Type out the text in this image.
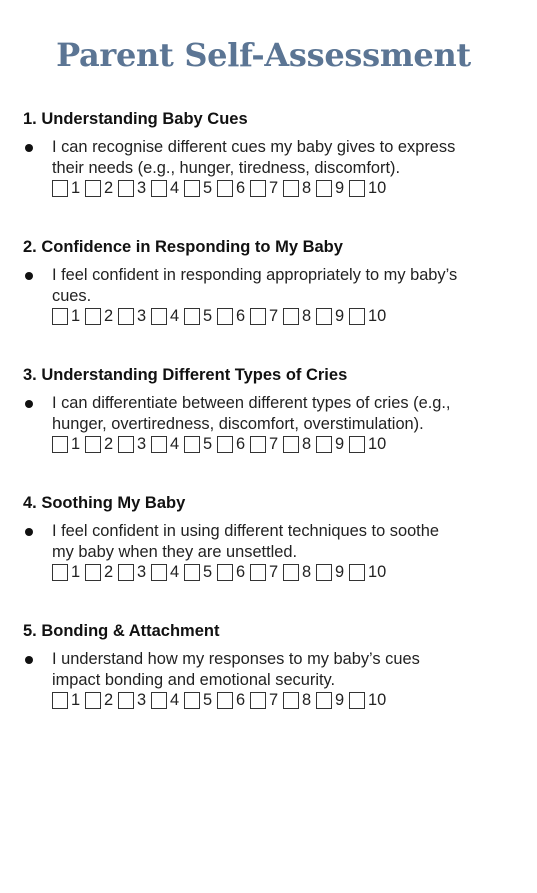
Parent Self-Assessment
1. Understanding Baby Cues

I can recognise different cues my baby gives to express
their needs (e.g., hunger, tiredness, discomfort).

1 2 3 4 5 6 7 8 9 10
2. Confidence in Responding to My Baby

I feel confident in responding appropriately to my baby’s
cues.

1 2 3 4 5 6 7 8 9 10
3. Understanding Different Types of Cries

I can differentiate between different types of cries (e.g.,
hunger, overtiredness, discomfort, overstimulation).

1 2 3 4 5 6 7 8 9 10
4. Soothing My Baby

I feel confident in using different techniques to soothe
my baby when they are unsettled.

1 2 3 4 5 6 7 8 9 10
5. Bonding & Attachment

I understand how my responses to my baby’s cues
impact bonding and emotional security.

1 2 3 4 5 6 7 8 9 10
